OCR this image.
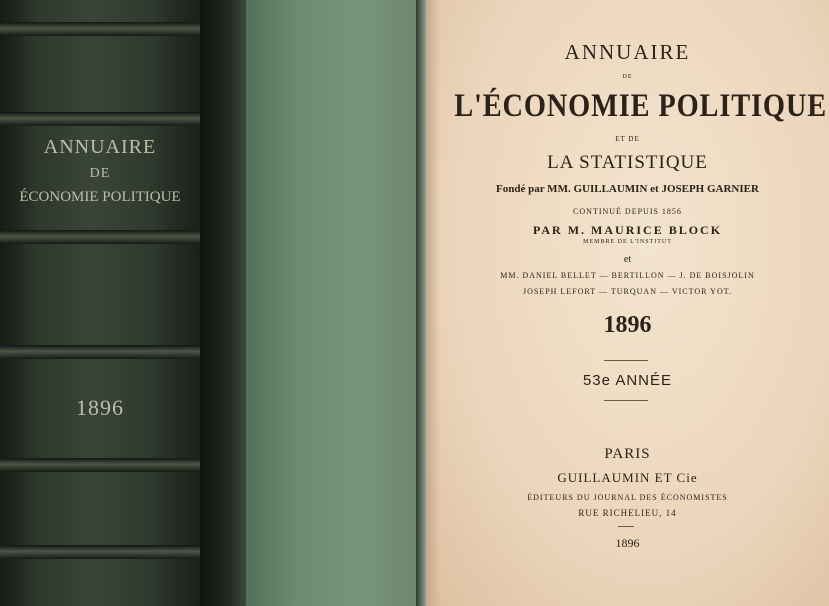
ANNUAIRE
DE
ÉCONOMIE POLITIQUE
1896
ANNUAIRE
DE
L'ÉCONOMIE POLITIQUE
ET DE
LA STATISTIQUE
Fondé par MM. GUILLAUMIN et JOSEPH GARNIER
CONTINUÉ DEPUIS 1856
PAR M. MAURICE BLOCK
MEMBRE DE L'INSTITUT
et
MM. DANIEL BELLET — BERTILLON — J. DE BOISJOLIN
JOSEPH LEFORT — TURQUAN — VICTOR YOT.
1896
53e ANNÉE
PARIS
GUILLAUMIN ET Cie
ÉDITEURS DU JOURNAL DES ÉCONOMISTES
RUE RICHELIEU, 14
1896
